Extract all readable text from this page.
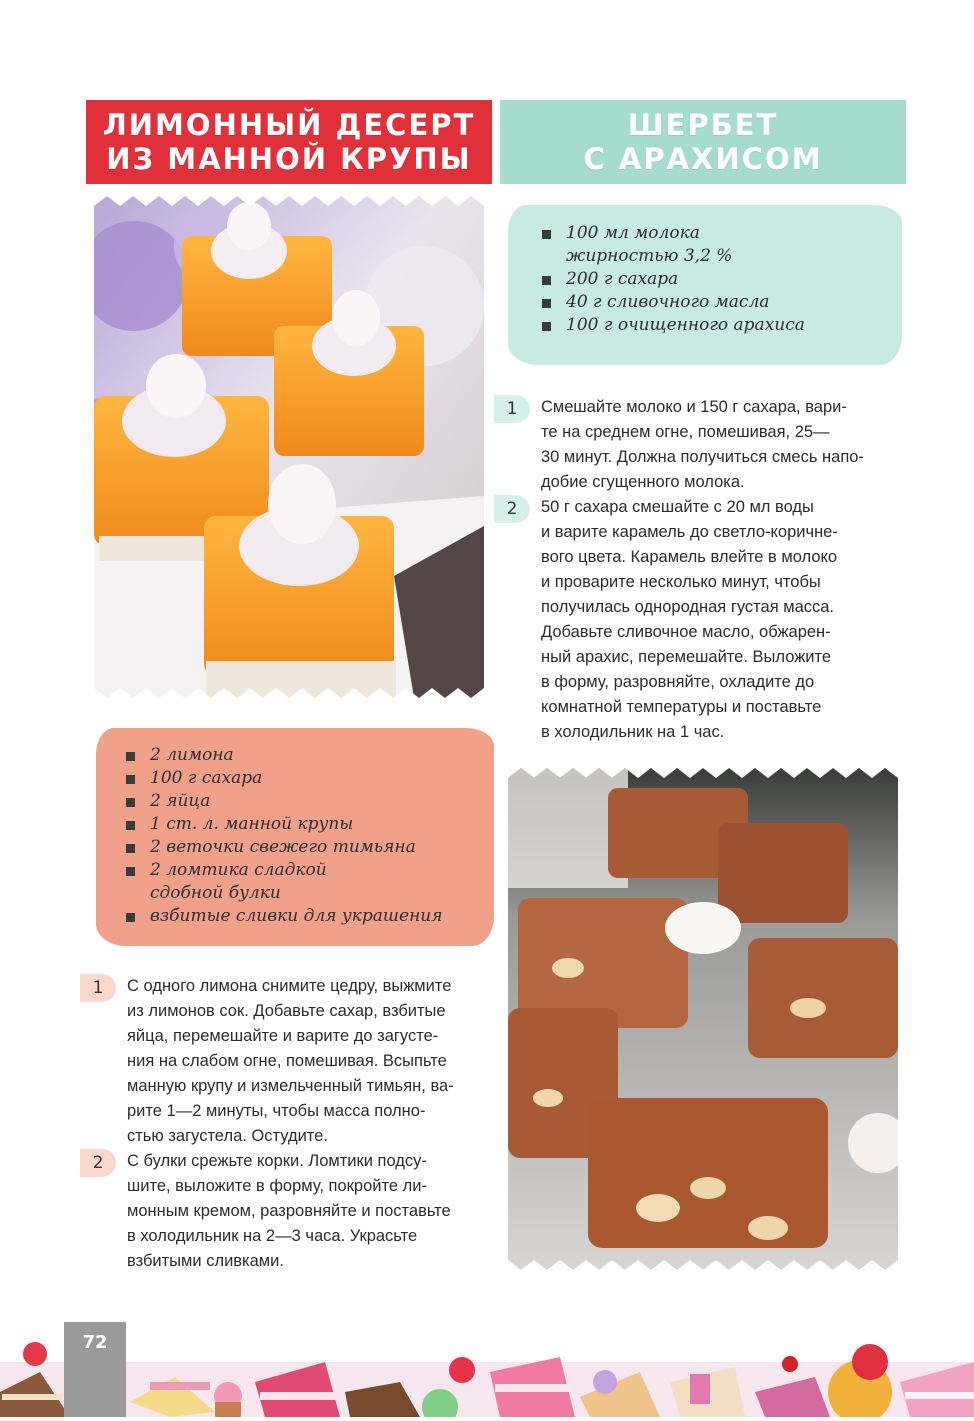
ЛИМОННЫЙ ДЕСЕРТ
ИЗ МАННОЙ КРУПЫ
ШЕРБЕТ
С АРАХИСОМ
100 мл молока
жирностью 3,2 %
200 г сахара
40 г сливочного масла
100 г очищенного арахиса
2 лимона
100 г сахара
2 яйца
1 ст. л. манной крупы
2 веточки свежего тимьяна
2 ломтика сладкой
сдобной булки
взбитые сливки для украшения
1	Смешайте молоко и 150 г сахара, вари-
те на среднем огне, помешивая, 25—
30 минут. Должна получиться смесь напо-
добие сгущенного молока.
2	50 г сахара смешайте с 20 мл воды
и варите карамель до светло-коричне-
вого цвета. Карамель влейте в молоко
и проварите несколько минут, чтобы
получилась однородная густая масса.
Добавьте сливочное масло, обжарен-
ный арахис, перемешайте. Выложите
в форму, разровняйте, охладите до
комнатной температуры и поставьте
в холодильник на 1 час.
1	С одного лимона снимите цедру, выжмите
из лимонов сок. Добавьте сахар, взбитые
яйца, перемешайте и варите до загусте-
ния на слабом огне, помешивая. Всыпьте
манную крупу и измельченный тимьян, ва-
рите 1—2 минуты, чтобы масса полно-
стью загустела. Остудите.
2	С булки срежьте корки. Ломтики подсу-
шите, выложите в форму, покройте ли-
монным кремом, разровняйте и поставьте
в холодильник на 2—3 часа. Украсьте
взбитыми сливками.
72
